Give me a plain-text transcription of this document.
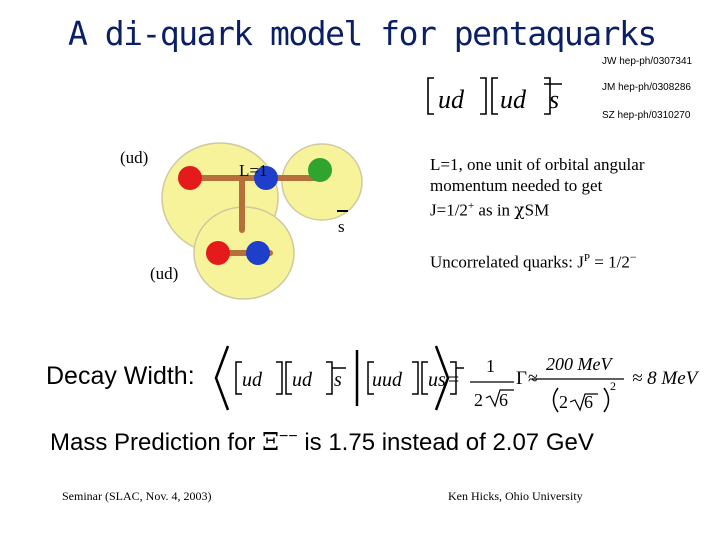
A di-quark model for pentaquarks
JW hep-ph/0307341
JM hep-ph/0308286
SZ hep-ph/0310270
ud ud s
L=1
s
(ud)
(ud)
L=1, one unit of orbital angular
momentum needed to get
J=1/2+ as in χSM
Uncorrelated quarks: $J^P = 1/2^-$
Decay Width: ud ud s uud us =
1
2 6
Γ ≈
200 MeV
2 6
2 ≈ 8 MeV
Mass Prediction for Ξ−− is 1.75 instead of 2.07 GeV
Seminar (SLAC, Nov. 4, 2003)	Ken Hicks, Ohio University
